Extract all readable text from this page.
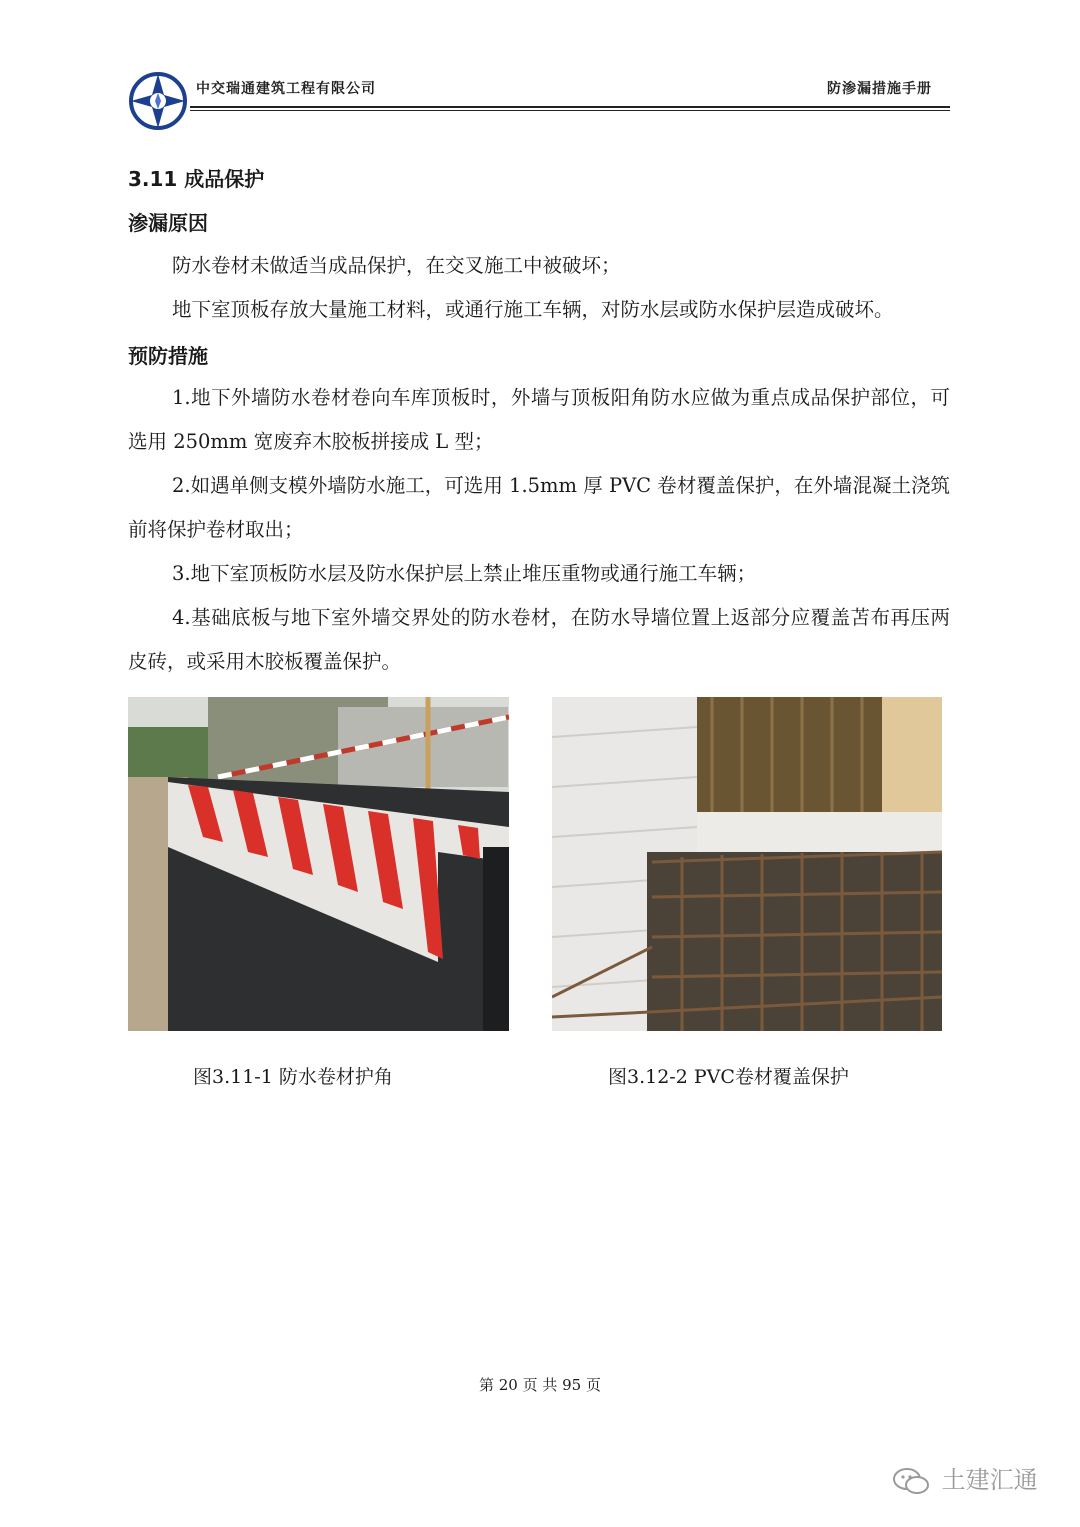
中交瑞通建筑工程有限公司	防渗漏措施手册
3.11 成品保护
渗漏原因

防水卷材未做适当成品保护，在交叉施工中被破坏；

地下室顶板存放大量施工材料，或通行施工车辆，对防水层或防水保护层造成破坏。

预防措施

1.地下外墙防水卷材卷向车库顶板时，外墙与顶板阳角防水应做为重点成品保护部位，可选用 250mm 宽废弃木胶板拼接成 L 型；

2.如遇单侧支模外墙防水施工，可选用 1.5mm 厚 PVC 卷材覆盖保护，在外墙混凝土浇筑前将保护卷材取出；

3.地下室顶板防水层及防水保护层上禁止堆压重物或通行施工车辆；

4.基础底板与地下室外墙交界处的防水卷材，在防水导墙位置上返部分应覆盖苫布再压两皮砖，或采用木胶板覆盖保护。

图3.11-1 防水卷材护角	图3.12-2 PVC卷材覆盖保护
第 20 页 共 95 页
土建汇通
